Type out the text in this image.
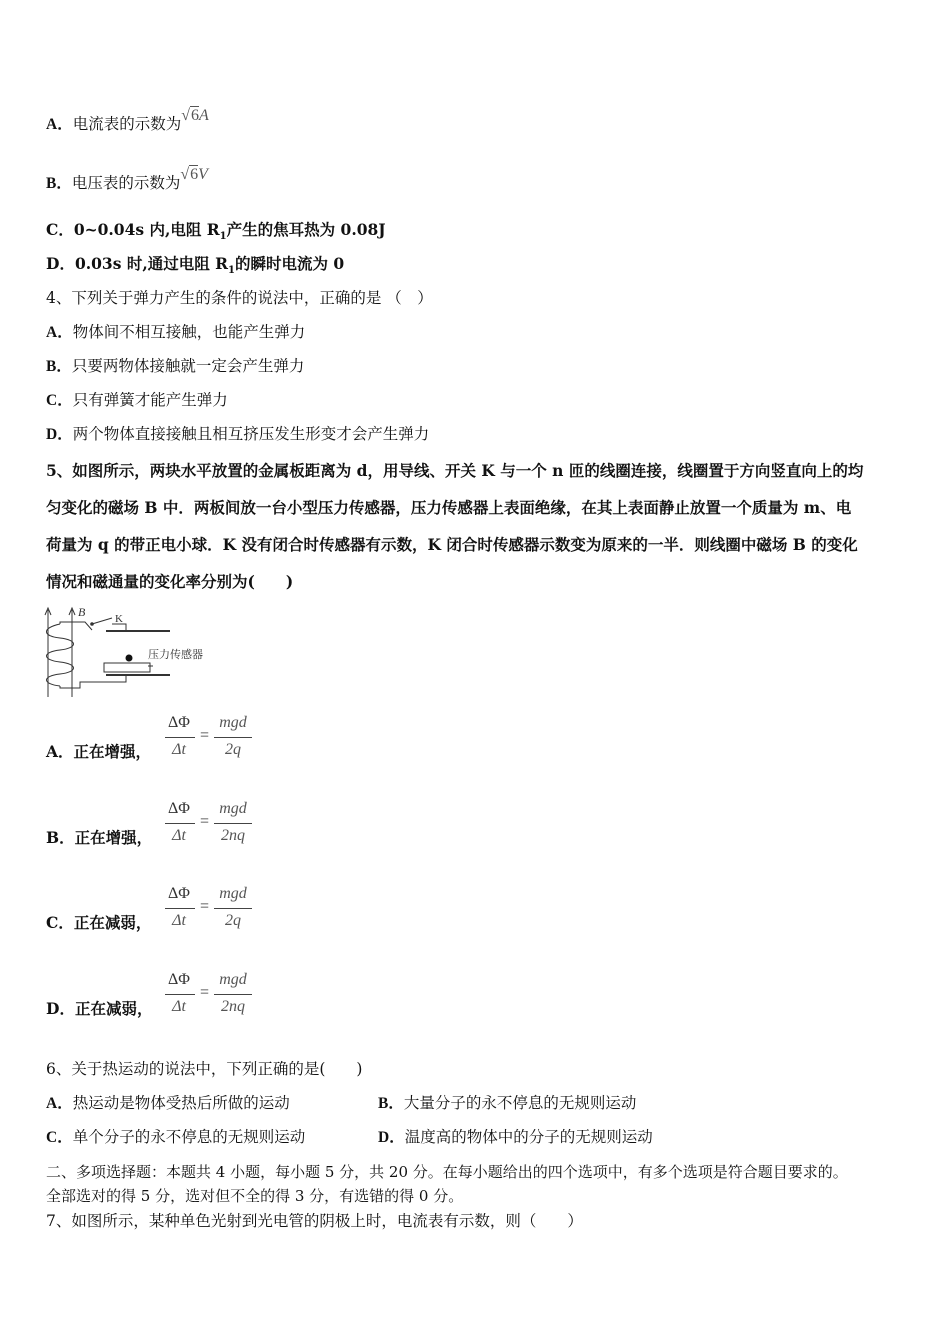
A．电流表的示数为√6A
B．电压表的示数为√6V
C．0~0.04s 内,电阻 $R_1$产生的焦耳热为 0.08J
D．0.03s 时,通过电阻 $R_1$的瞬时电流为 0
4、下列关于弹力产生的条件的说法中，正确的是 （　）
A．物体间不相互接触，也能产生弹力
B．只要两物体接触就一定会产生弹力
C．只有弹簧才能产生弹力
D．两个物体直接接触且相互挤压发生形变才会产生弹力
5、如图所示，两块水平放置的金属板距离为 d，用导线、开关 K 与一个 n 匝的线圈连接，线圈置于方向竖直向上的均
匀变化的磁场 B 中．两板间放一台小型压力传感器，压力传感器上表面绝缘，在其上表面静止放置一个质量为 m、电
荷量为 q 的带正电小球．K 没有闭合时传感器有示数，K 闭合时传感器示数变为原来的一半．则线圈中磁场 B 的变化
情况和磁通量的变化率分别为(　　)
B	K
压力传感器
A．正在增强，
ΔΦ
Δt
=
mgd
2q
B．正在增强，
ΔΦ
Δt
=
mgd
2nq
C．正在减弱，
ΔΦ
Δt
=
mgd
2q
D．正在减弱，
ΔΦ
Δt
=
mgd
2nq
6、关于热运动的说法中，下列正确的是(　　)
A．热运动是物体受热后所做的运动	B．大量分子的永不停息的无规则运动
C．单个分子的永不停息的无规则运动	D．温度高的物体中的分子的无规则运动
二、多项选择题：本题共 4 小题，每小题 5 分，共 20 分。在每小题给出的四个选项中，有多个选项是符合题目要求的。
全部选对的得 5 分，选对但不全的得 3 分，有选错的得 0 分。
7、如图所示，某种单色光射到光电管的阴极上时，电流表有示数，则（　　）
